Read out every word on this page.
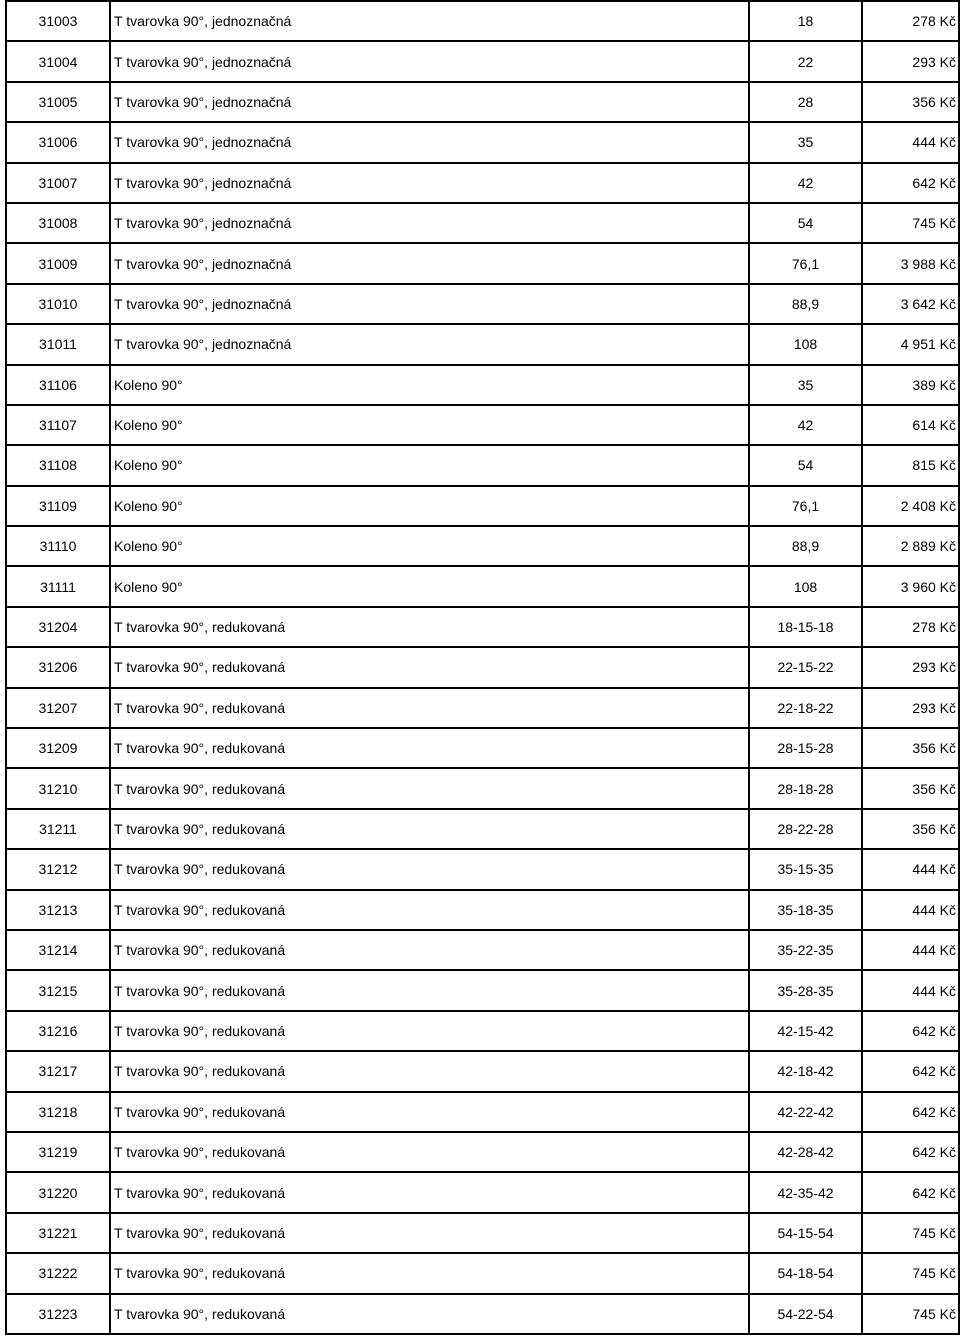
31003	T tvarovka 90°, jednoznačná	18	278 Kč
31004	T tvarovka 90°, jednoznačná	22	293 Kč
31005	T tvarovka 90°, jednoznačná	28	356 Kč
31006	T tvarovka 90°, jednoznačná	35	444 Kč
31007	T tvarovka 90°, jednoznačná	42	642 Kč
31008	T tvarovka 90°, jednoznačná	54	745 Kč
31009	T tvarovka 90°, jednoznačná	76,1	3 988 Kč
31010	T tvarovka 90°, jednoznačná	88,9	3 642 Kč
31011	T tvarovka 90°, jednoznačná	108	4 951 Kč
31106	Koleno 90°	35	389 Kč
31107	Koleno 90°	42	614 Kč
31108	Koleno 90°	54	815 Kč
31109	Koleno 90°	76,1	2 408 Kč
31110	Koleno 90°	88,9	2 889 Kč
31111	Koleno 90°	108	3 960 Kč
31204	T tvarovka 90°, redukovaná	18-15-18	278 Kč
31206	T tvarovka 90°, redukovaná	22-15-22	293 Kč
31207	T tvarovka 90°, redukovaná	22-18-22	293 Kč
31209	T tvarovka 90°, redukovaná	28-15-28	356 Kč
31210	T tvarovka 90°, redukovaná	28-18-28	356 Kč
31211	T tvarovka 90°, redukovaná	28-22-28	356 Kč
31212	T tvarovka 90°, redukovaná	35-15-35	444 Kč
31213	T tvarovka 90°, redukovaná	35-18-35	444 Kč
31214	T tvarovka 90°, redukovaná	35-22-35	444 Kč
31215	T tvarovka 90°, redukovaná	35-28-35	444 Kč
31216	T tvarovka 90°, redukovaná	42-15-42	642 Kč
31217	T tvarovka 90°, redukovaná	42-18-42	642 Kč
31218	T tvarovka 90°, redukovaná	42-22-42	642 Kč
31219	T tvarovka 90°, redukovaná	42-28-42	642 Kč
31220	T tvarovka 90°, redukovaná	42-35-42	642 Kč
31221	T tvarovka 90°, redukovaná	54-15-54	745 Kč
31222	T tvarovka 90°, redukovaná	54-18-54	745 Kč
31223	T tvarovka 90°, redukovaná	54-22-54	745 Kč
